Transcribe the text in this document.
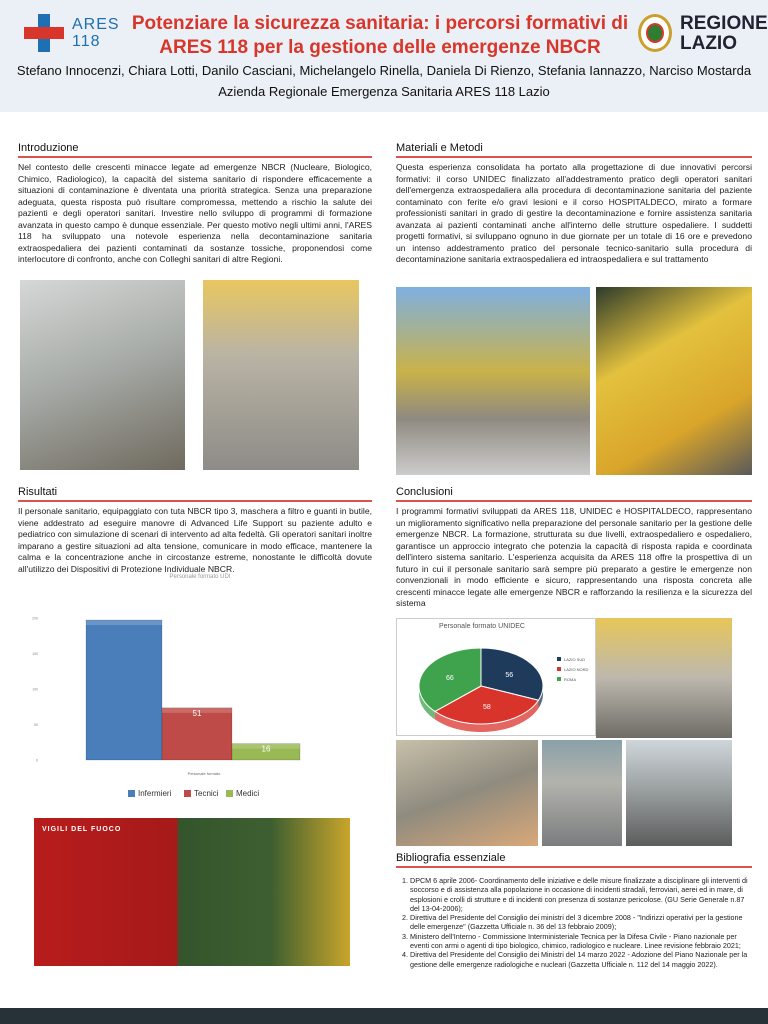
ARES 118
Potenziare la sicurezza sanitaria: i percorsi formativi di ARES 118 per la gestione delle emergenze NBCR
REGIONE LAZIO
Stefano Innocenzi, Chiara Lotti, Danilo Casciani, Michelangelo Rinella, Daniela Di Rienzo, Stefania Iannazzo, Narciso Mostarda
Azienda Regionale Emergenza Sanitaria ARES 118 Lazio
Introduzione
Nel contesto delle crescenti minacce legate ad emergenze NBCR (Nucleare, Biologico, Chimico, Radiologico), la capacità del sistema sanitario di rispondere efficacemente a situazioni di contaminazione è diventata una priorità strategica. Senza una preparazione adeguata, questa risposta può risultare compromessa, mettendo a rischio la salute dei pazienti e degli operatori sanitari. Investire nello sviluppo di programmi di formazione avanzata in questo campo è dunque essenziale. Per questo motivo negli ultimi anni, l'ARES 118 ha sviluppato una notevole esperienza nella decontaminazione sanitaria extraospedaliera dei pazienti contaminati da sostanze tossiche, proponendosi come interlocutore di confronto, anche con Colleghi sanitari di altre Regioni.
Materiali e Metodi
Questa esperienza consolidata ha portato alla progettazione di due innovativi percorsi formativi: il corso UNIDEC finalizzato all'addestramento pratico degli operatori sanitari dell'emergenza extraospedaliera alla procedura di decontaminazione sanitaria del paziente contaminato con ferite e/o gravi lesioni e il corso HOSPITALDECO, mirato a formare professionisti sanitari in grado di gestire la decontaminazione e fornire assistenza sanitaria avanzata ai pazienti contaminati anche all'interno delle strutture ospedaliere. I suddetti progetti formativi, si sviluppano ognuno in due giornate per un totale di 16 ore e prevedono un intenso addestramento pratico del personale tecnico-sanitario sulla procedura di decontaminazione sanitaria extraospedaliera ed intraospedaliera e sul trattamento
Risultati
Il personale sanitario, equipaggiato con tuta NBCR tipo 3, maschera a filtro e guanti in butile, viene addestrato ad eseguire manovre di Advanced Life Support su paziente adulto e pediatrico con simulazione di scenari di intervento ad alta fedeltà. Gli operatori sanitari inoltre imparano a gestire situazioni ad alta tensione, comunicare in modo efficace, mantenere la calma e la concentrazione anche in circostanze estreme, nonostante le difficoltà dovute all'utilizzo dei Dispositivi di Protezione Individuale NBCR.
Personale formato UDI
200
150
100
50
0
51
16
Personale formato
Infermieri	Tecnici	Medici
VIGILI DEL FUOCO
Conclusioni
I programmi formativi sviluppati da ARES 118, UNIDEC e HOSPITALDECO, rappresentano un miglioramento significativo nella preparazione del personale sanitario per la gestione delle emergenze NBCR. La formazione, strutturata su due livelli, extraospedaliero e ospedaliero, garantisce un approccio integrato che potenzia la capacità di risposta rapida e coordinata dell'intero sistema sanitario. L'esperienza acquisita da ARES 118 offre la prospettiva di un futuro in cui il personale sanitario sarà sempre più preparato a gestire le emergenze non convenzionali in modo efficiente e sicuro, rappresentando una risposta concreta alle crescenti minacce legate alle emergenze NBCR e rafforzando la resilienza e la sicurezza del sistema
Personale formato UNIDEC
56
58
66
LAZIO SUD
LAZIO NORD
ROMA
Bibliografia essenziale
1. DPCM 6 aprile 2006- Coordinamento delle iniziative e delle misure finalizzate a disciplinare gli interventi di soccorso e di assistenza alla popolazione in occasione di incidenti stradali, ferroviari, aerei ed in mare, di esplosioni e crolli di strutture e di incidenti con presenza di sostanze pericolose. (GU Serie Generale n.87 del 13-04-2006);
2. Direttiva del Presidente del Consiglio dei ministri del 3 dicembre 2008 - "Indirizzi operativi per la gestione delle emergenze" (Gazzetta Ufficiale n. 36 del 13 febbraio 2009);
3. Ministero dell'Interno - Commissione Interministeriale Tecnica per la Difesa Civile - Piano nazionale per eventi con armi o agenti di tipo biologico, chimico, radiologico e nucleare. Linee revisione febbraio 2021;
4. Direttiva del Presidente del Consiglio dei Ministri del 14 marzo 2022 - Adozione del Piano Nazionale per la gestione delle emergenze radiologiche e nucleari (Gazzetta Ufficiale n. 112 del 14 maggio 2022).
